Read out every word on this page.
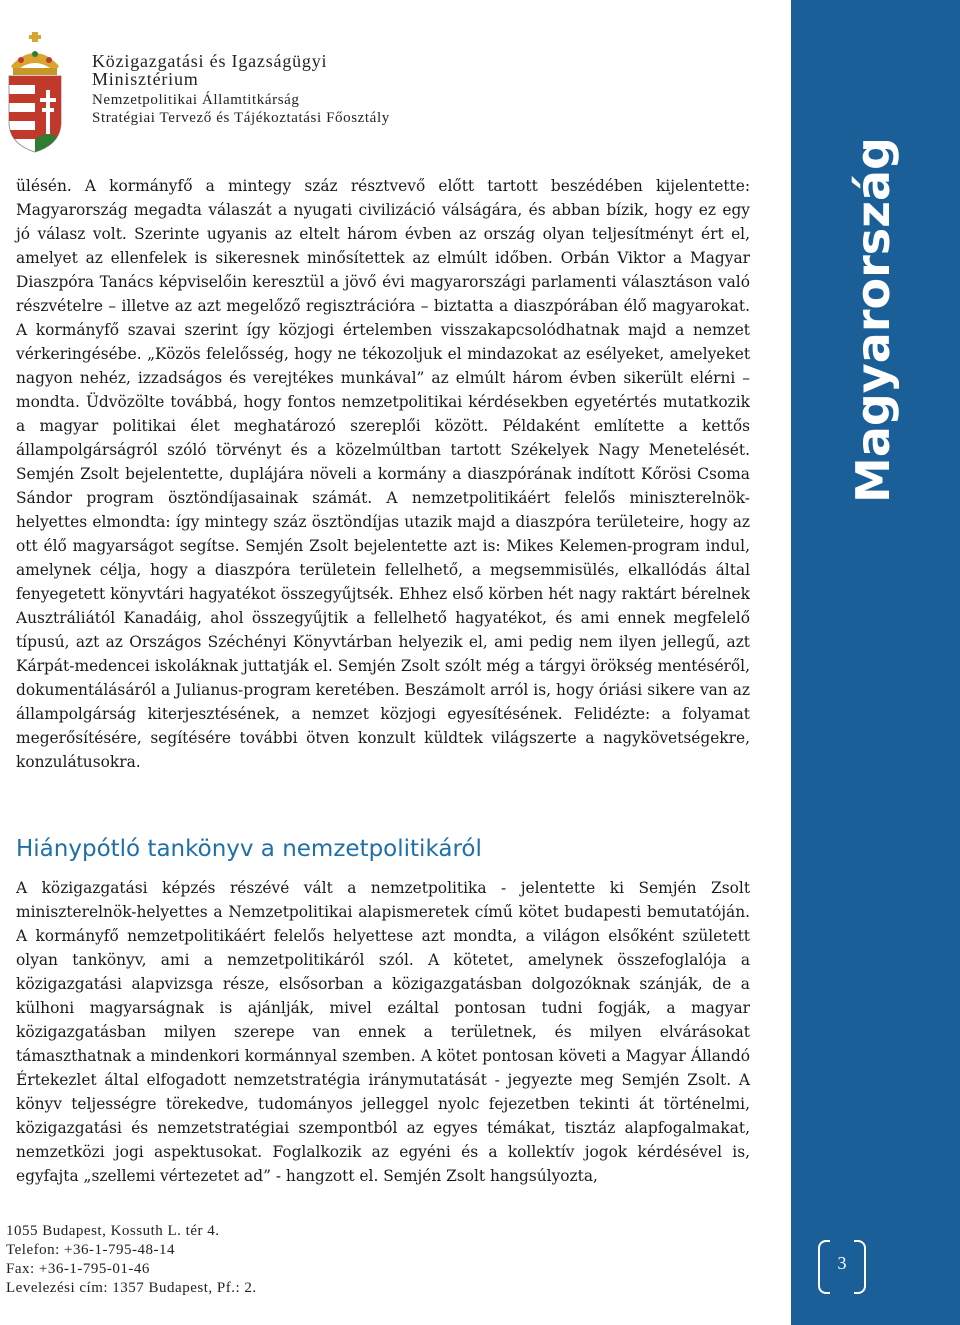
Közigazgatási és Igazságügyi
Minisztérium
Nemzetpolitikai Államtitkárság
Stratégiai Tervező és Tájékoztatási Főosztály

ülésén. A kormányfő a mintegy száz résztvevő előtt tartott beszédében kijelentette: Magyarország megadta válaszát a nyugati civilizáció válságára, és abban bízik, hogy ez egy jó válasz volt. Szerinte ugyanis az eltelt három évben az ország olyan teljesítményt ért el, amelyet az ellenfelek is sikeresnek minősítettek az elmúlt időben. Orbán Viktor a Magyar Diaszpóra Tanács képviselőin keresztül a jövő évi magyarországi parlamenti választáson való részvételre – illetve az azt megelőző regisztrációra – biztatta a diaszpórában élő magyarokat. A kormányfő szavai szerint így közjogi értelemben visszakapcsolódhatnak majd a nemzet vérkeringésébe. „Közös felelősség, hogy ne tékozoljuk el mindazokat az esélyeket, amelyeket nagyon nehéz, izzadságos és verejtékes munkával” az elmúlt három évben sikerült elérni – mondta. Üdvözölte továbbá, hogy fontos nemzetpolitikai kérdésekben egyetértés mutatkozik a magyar politikai élet meghatározó szereplői között. Példaként említette a kettős állampolgárságról szóló törvényt és a közelmúltban tartott Székelyek Nagy Menetelését. Semjén Zsolt bejelentette, duplájára növeli a kormány a diaszpórának indított Kőrösi Csoma Sándor program ösztöndíjasainak számát. A nemzetpolitikáért felelős miniszterelnök-helyettes elmondta: így mintegy száz ösztöndíjas utazik majd a diaszpóra területeire, hogy az ott élő magyarságot segítse. Semjén Zsolt bejelentette azt is: Mikes Kelemen-program indul, amelynek célja, hogy a diaszpóra területein fellelhető, a megsemmisülés, elkallódás által fenyegetett könyvtári hagyatékot összegyűjtsék. Ehhez első körben hét nagy raktárt bérelnek Ausztráliától Kanadáig, ahol összegyűjtik a fellelhető hagyatékot, és ami ennek megfelelő típusú, azt az Országos Széchényi Könyvtárban helyezik el, ami pedig nem ilyen jellegű, azt Kárpát-medencei iskoláknak juttatják el. Semjén Zsolt szólt még a tárgyi örökség mentéséről, dokumentálásáról a Julianus-program keretében. Beszámolt arról is, hogy óriási sikere van az állampolgárság kiterjesztésének, a nemzet közjogi egyesítésének. Felidézte: a folyamat megerősítésére, segítésére további ötven konzult küldtek világszerte a nagykövetségekre, konzulátusokra.

Hiánypótló tankönyv a nemzetpolitikáról

A közigazgatási képzés részévé vált a nemzetpolitika - jelentette ki Semjén Zsolt miniszterelnök-helyettes a Nemzetpolitikai alapismeretek című kötet budapesti bemutatóján. A kormányfő nemzetpolitikáért felelős helyettese azt mondta, a világon elsőként született olyan tankönyv, ami a nemzetpolitikáról szól. A kötetet, amelynek összefoglalója a közigazgatási alapvizsga része, elsősorban a közigazgatásban dolgozóknak szánják, de a külhoni magyarságnak is ajánlják, mivel ezáltal pontosan tudni fogják, a magyar közigazgatásban milyen szerepe van ennek a területnek, és milyen elvárásokat támaszthatnak a mindenkori kormánnyal szemben. A kötet pontosan követi a Magyar Állandó Értekezlet által elfogadott nemzetstratégia iránymutatását - jegyezte meg Semjén Zsolt. A könyv teljességre törekedve, tudományos jelleggel nyolc fejezetben tekinti át történelmi, közigazgatási és nemzetstratégiai szempontból az egyes témákat, tisztáz alapfogalmakat, nemzetközi jogi aspektusokat. Foglalkozik az egyéni és a kollektív jogok kérdésével is, egyfajta „szellemi vértezetet ad” - hangzott el. Semjén Zsolt hangsúlyozta,

1055 Budapest, Kossuth L. tér 4.
Telefon: +36-1-795-48-14
Fax: +36-1-795-01-46
Levelezési cím: 1357 Budapest, Pf.: 2.
Magyarország
3
